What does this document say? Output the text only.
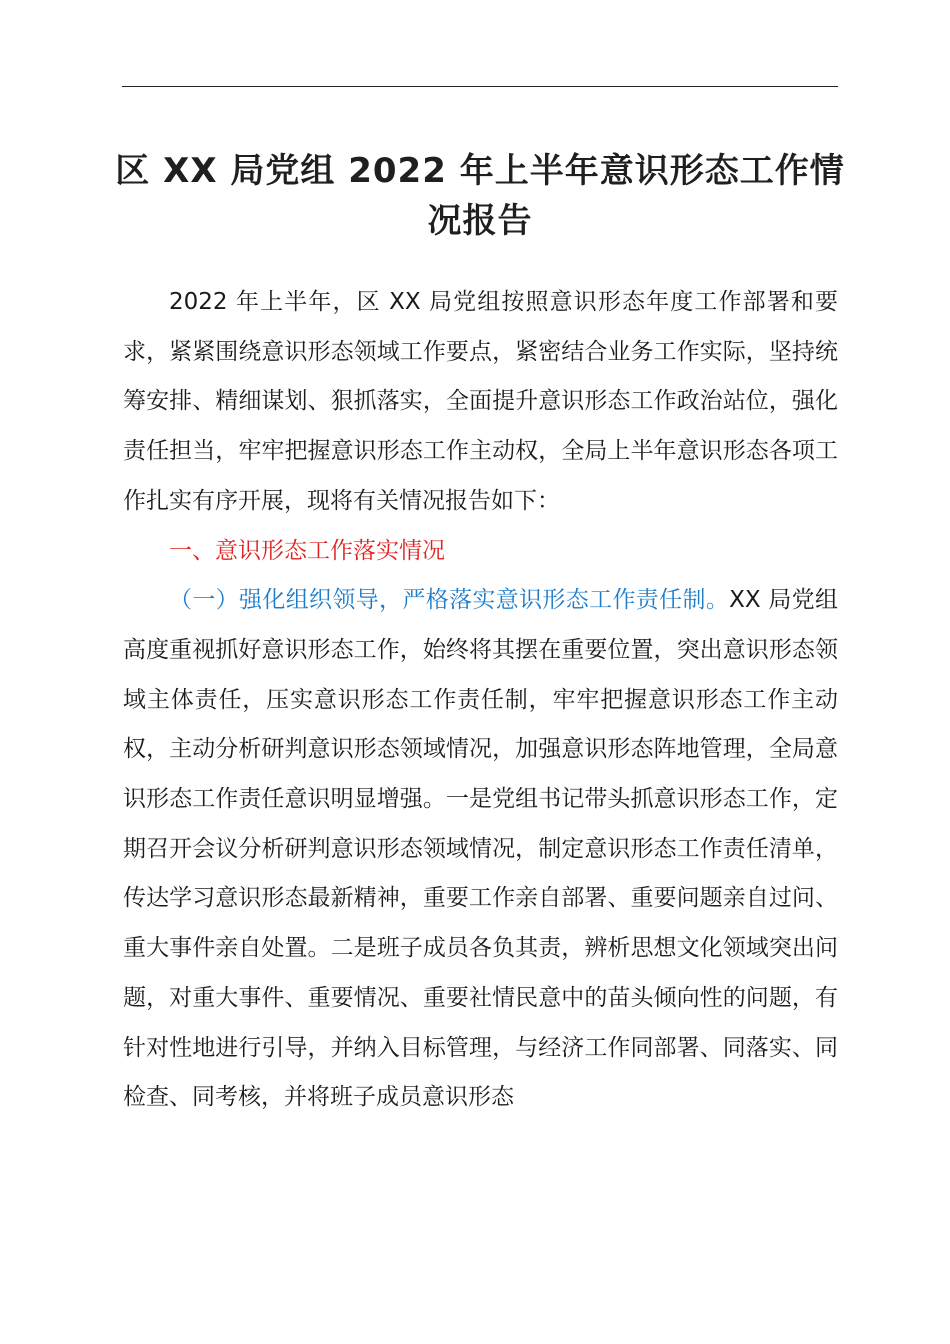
区 XX 局党组 2022 年上半年意识形态工作情
况报告

2022 年上半年，区 XX 局党组按照意识形态年度工作部署和要求，紧紧围绕意识形态领域工作要点，紧密结合业务工作实际，坚持统筹安排、精细谋划、狠抓落实，全面提升意识形态工作政治站位，强化责任担当，牢牢把握意识形态工作主动权，全局上半年意识形态各项工作扎实有序开展，现将有关情况报告如下：

一、意识形态工作落实情况

（一）强化组织领导，严格落实意识形态工作责任制。XX 局党组高度重视抓好意识形态工作，始终将其摆在重要位置，突出意识形态领域主体责任，压实意识形态工作责任制，牢牢把握意识形态工作主动权，主动分析研判意识形态领域情况，加强意识形态阵地管理，全局意识形态工作责任意识明显增强。一是党组书记带头抓意识形态工作，定期召开会议分析研判意识形态领域情况，制定意识形态工作责任清单，传达学习意识形态最新精神，重要工作亲自部署、重要问题亲自过问、重大事件亲自处置。二是班子成员各负其责，辨析思想文化领域突出问题，对重大事件、重要情况、重要社情民意中的苗头倾向性的问题，有针对性地进行引导，并纳入目标管理，与经济工作同部署、同落实、同检查、同考核，并将班子成员意识形态
